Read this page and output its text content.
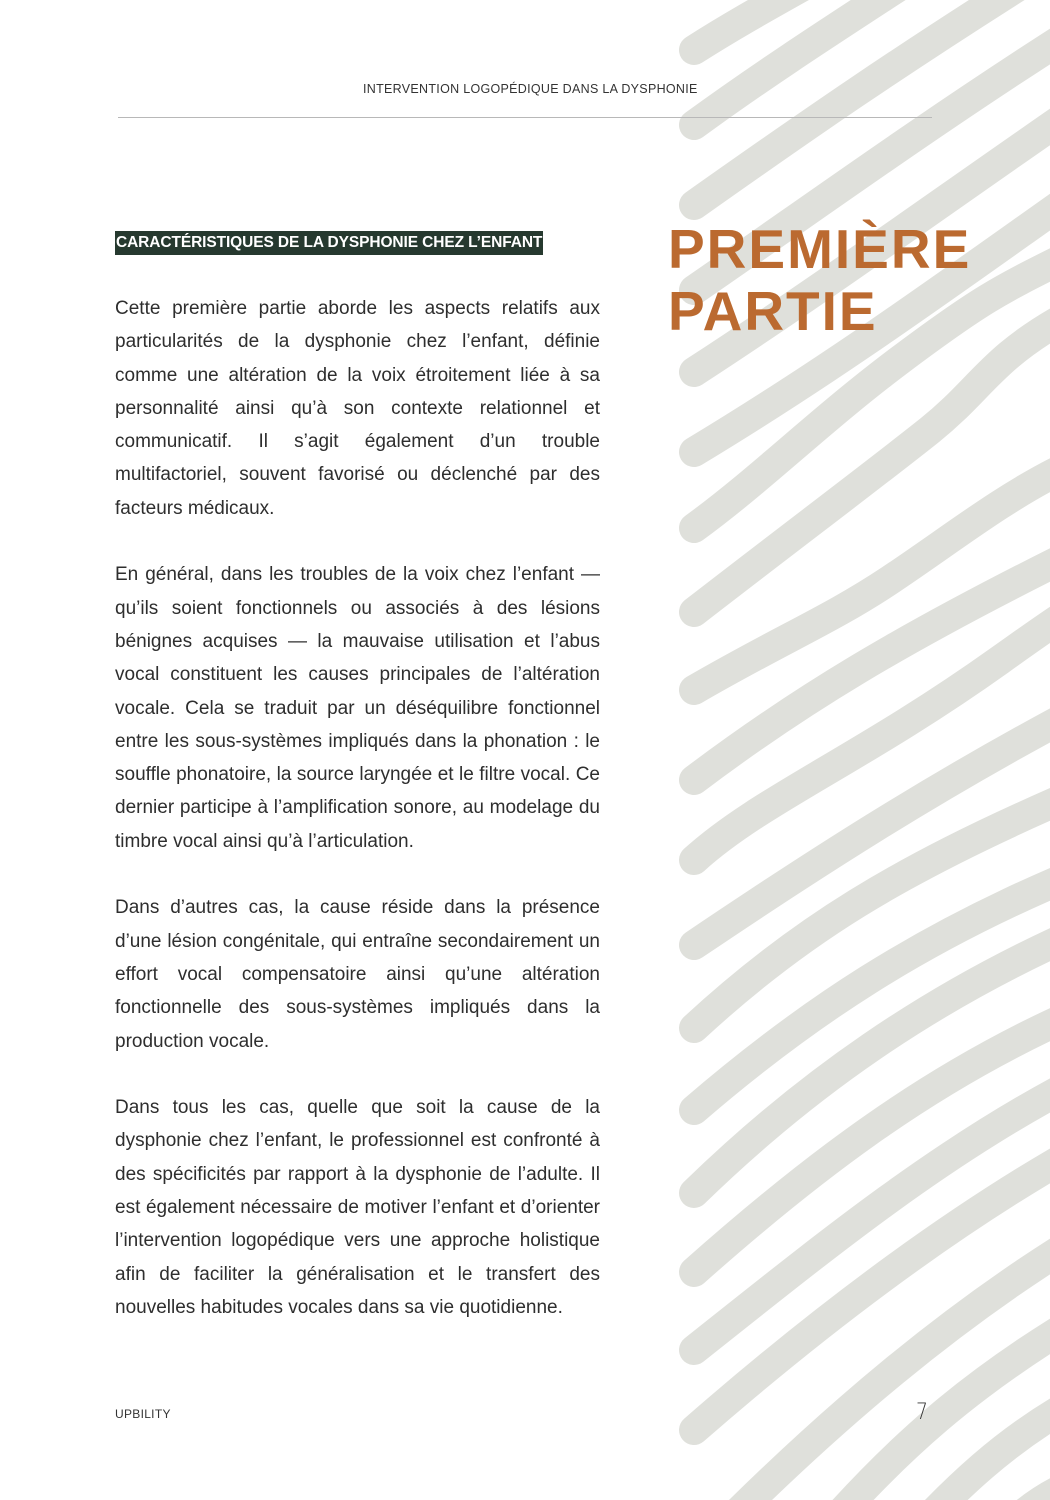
INTERVENTION LOGOPÉDIQUE DANS LA DYSPHONIE
CARACTÉRISTIQUES DE LA DYSPHONIE CHEZ L’ENFANT PREMIÈRE
PARTIE

Cette première partie aborde les aspects relatifs aux particularités de la dysphonie chez l’enfant, définie comme une altération de la voix étroitement liée à sa personnalité ainsi qu’à son contexte relationnel et communicatif. Il s’agit également d’un trouble multifactoriel, souvent favorisé ou déclenché par des facteurs médicaux.

En général, dans les troubles de la voix chez l’enfant — qu’ils soient fonctionnels ou associés à des lésions bénignes acquises — la mauvaise utilisation et l’abus vocal constituent les causes principales de l’altération vocale. Cela se traduit par un déséquilibre fonctionnel entre les sous-systèmes impliqués dans la phonation : le souffle phonatoire, la source laryngée et le filtre vocal. Ce dernier participe à l’amplification sonore, au modelage du timbre vocal ainsi qu’à l’articulation.

Dans d’autres cas, la cause réside dans la présence d’une lésion congénitale, qui entraîne secondairement un effort vocal compensatoire ainsi qu’une altération fonctionnelle des sous-systèmes impliqués dans la production vocale.

Dans tous les cas, quelle que soit la cause de la dysphonie chez l’enfant, le professionnel est confronté à des spécificités par rapport à la dysphonie de l’adulte. Il est également nécessaire de motiver l’enfant et d’orienter l’intervention logopédique vers une approche holistique afin de faciliter la généralisation et le transfert des nouvelles habitudes vocales dans sa vie quotidienne.

UPBILITY	7
